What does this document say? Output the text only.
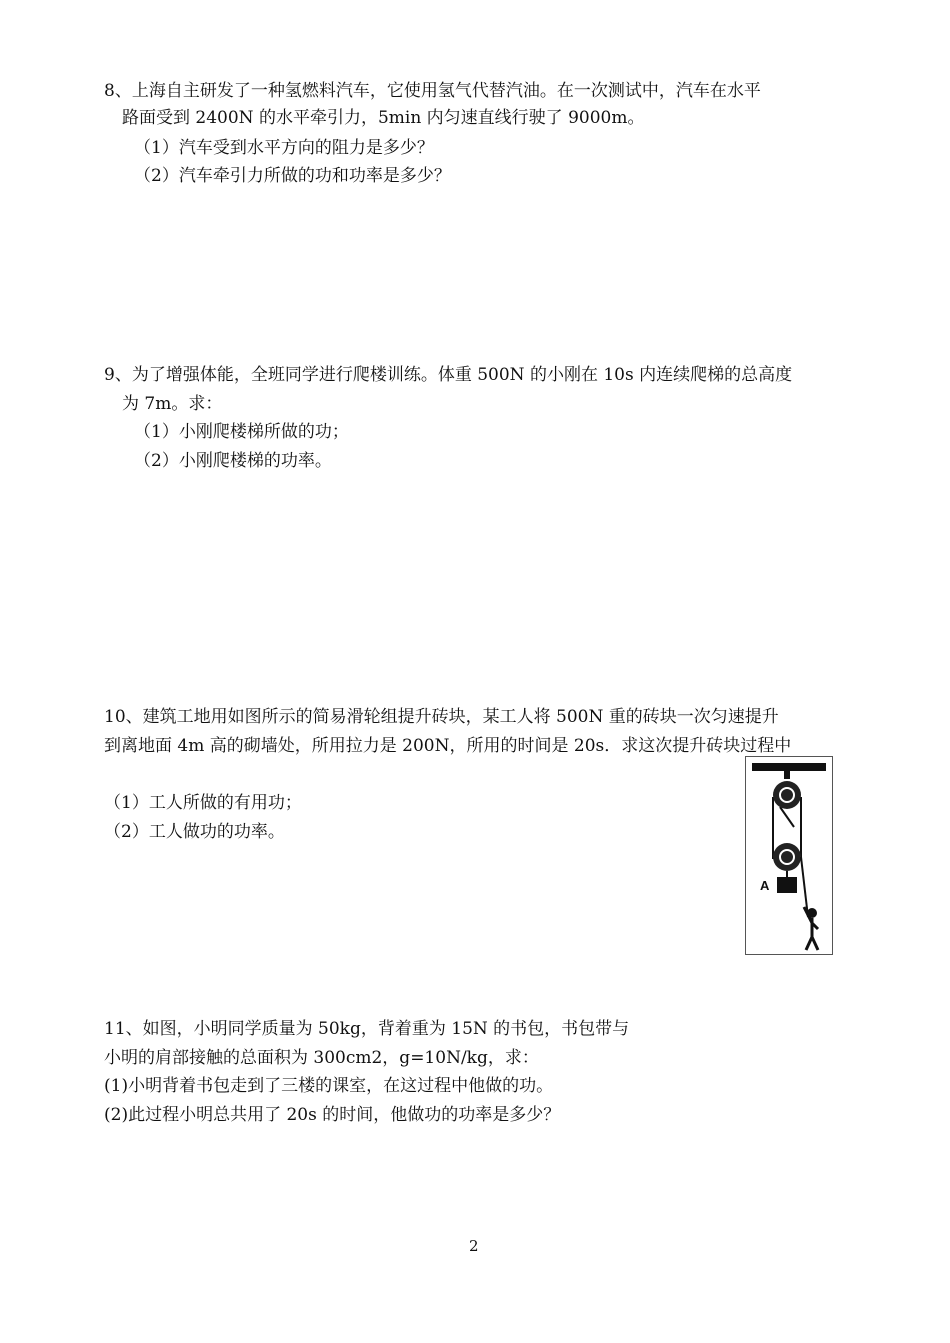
8、上海自主研发了一种氢燃料汽车，它使用氢气代替汽油。在一次测试中，汽车在水平
路面受到 2400N 的水平牵引力，5min 内匀速直线行驶了 9000m。
（1）汽车受到水平方向的阻力是多少？
（2）汽车牵引力所做的功和功率是多少？
9、为了增强体能，全班同学进行爬楼训练。体重 500N 的小刚在 10s 内连续爬梯的总高度
为 7m。求：
（1）小刚爬楼梯所做的功；
（2）小刚爬楼梯的功率。
10、建筑工地用如图所示的简易滑轮组提升砖块，某工人将 500N 重的砖块一次匀速提升
到离地面 4m 高的砌墙处，所用拉力是 200N，所用的时间是 20s．求这次提升砖块过程中
（1）工人所做的有用功；
（2）工人做功的功率。
A
11、如图，小明同学质量为 50kg，背着重为 15N 的书包，书包带与
小明的肩部接触的总面积为 300cm2，g=10N/kg，求：
(1)小明背着书包走到了三楼的课室，在这过程中他做的功。
(2)此过程小明总共用了 20s 的时间，他做功的功率是多少？
2
